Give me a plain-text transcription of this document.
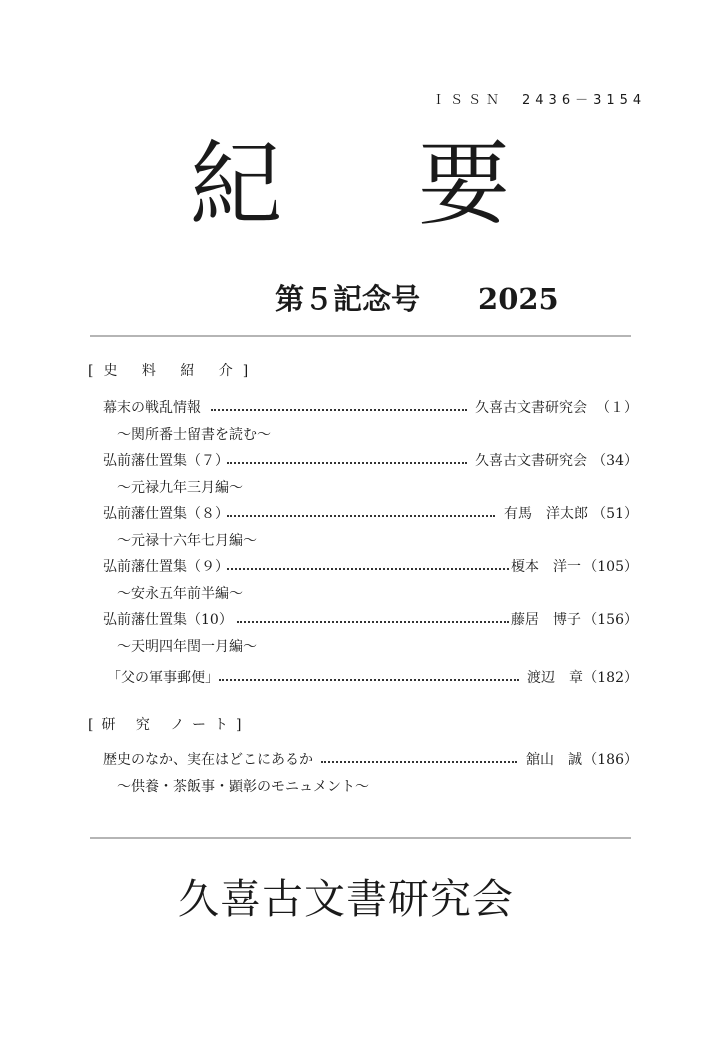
ＩＳＳＮ　2436－3154
紀 要
第５記念号 2025
[史 料 紹 介]
幕末の戦乱情報	久喜古文書研究会 （１）
～関所番士留書を読む～
弘前藩仕置集（７）	久喜古文書研究会 （34）
～元禄九年三月編～
弘前藩仕置集（８）	有馬　洋太郎 （51）
～元禄十六年七月編～
弘前藩仕置集（９）	榎本　洋一 （105）
～安永五年前半編～
弘前藩仕置集（10）	藤居　博子 （156）
～天明四年閏一月編～
「父の軍事郵便」	渡辺　章 （182）
[研 究 ノート]
歴史のなか、実在はどこにあるか	舘山　誠 （186）
～供養・茶飯事・顕彰のモニュメント～
久喜古文書研究会
